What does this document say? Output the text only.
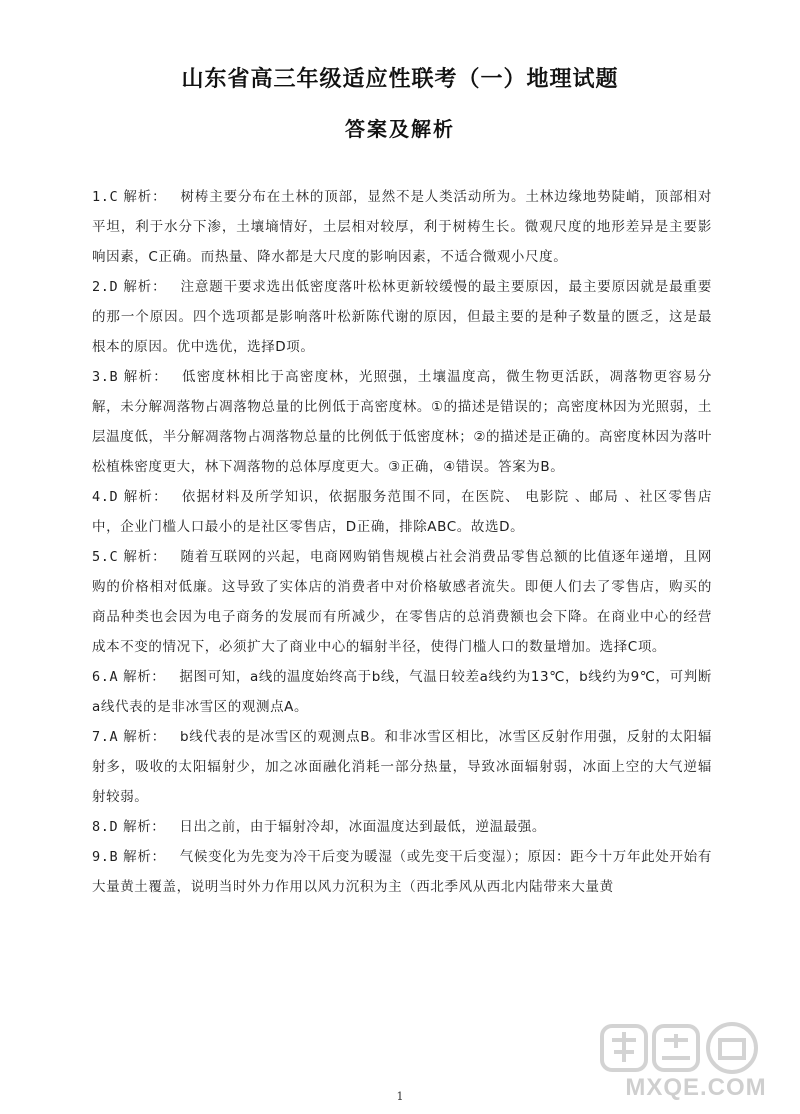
山东省高三年级适应性联考（一）地理试题
答案及解析

1.C 解析： 树梼主要分布在土林的顶部，显然不是人类活动所为。土林边缘地势陡峭，顶部相对平坦，利于水分下渗，土壤墒情好，土层相对较厚，利于树梼生长。微观尺度的地形差异是主要影响因素，C正确。而热量、降水都是大尺度的影响因素，不适合微观小尺度。

2.D 解析： 注意题干要求选出低密度落叶松林更新较缓慢的最主要原因，最主要原因就是最重要的那一个原因。四个选项都是影响落叶松新陈代谢的原因，但最主要的是种子数量的匮乏，这是最根本的原因。优中选优，选择D项。

3.B 解析： 低密度林相比于高密度林，光照强，土壤温度高，微生物更活跃，凋落物更容易分解，未分解凋落物占凋落物总量的比例低于高密度林。①的描述是错误的；高密度林因为光照弱，土层温度低，半分解凋落物占凋落物总量的比例低于低密度林；②的描述是正确的。高密度林因为落叶松植株密度更大，林下凋落物的总体厚度更大。③正确，④错误。答案为B。

4.D 解析： 依据材料及所学知识，依据服务范围不同，在医院、 电影院 、邮局 、社区零售店中，企业门槛人口最小的是社区零售店，D正确，排除ABC。故选D。

5.C 解析： 随着互联网的兴起，电商网购销售规模占社会消费品零售总额的比值逐年递增，且网购的价格相对低廉。这导致了实体店的消费者中对价格敏感者流失。即便人们去了零售店，购买的商品种类也会因为电子商务的发展而有所减少，在零售店的总消费额也会下降。在商业中心的经营成本不变的情况下，必须扩大了商业中心的辐射半径，使得门槛人口的数量增加。选择C项。

6.A 解析： 据图可知，a线的温度始终高于b线，气温日较差a线约为13℃，b线约为9℃，可判断a线代表的是非冰雪区的观测点A。

7.A 解析： b线代表的是冰雪区的观测点B。和非冰雪区相比，冰雪区反射作用强，反射的太阳辐射多，吸收的太阳辐射少，加之冰面融化消耗一部分热量，导致冰面辐射弱，冰面上空的大气逆辐射较弱。

8.D 解析： 日出之前，由于辐射冷却，冰面温度达到最低，逆温最强。

9.B 解析： 气候变化为先变为冷干后变为暖湿（或先变干后变湿）；原因：距今十万年此处开始有大量黄土覆盖，说明当时外力作用以风力沉积为主（西北季风从西北内陆带来大量黄

MXQE.COM
1
